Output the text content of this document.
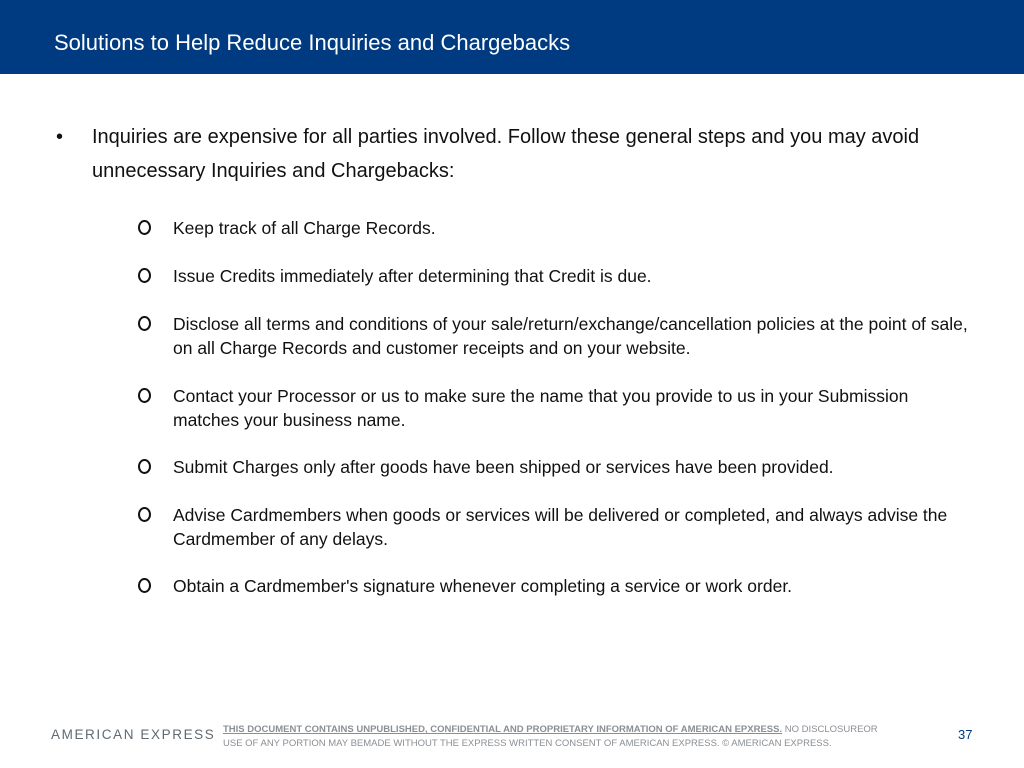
Solutions to Help Reduce Inquiries and Chargebacks
• Inquiries are expensive for all parties involved. Follow these general steps and you may avoid unnecessary Inquiries and Chargebacks:
Keep track of all Charge Records.
Issue Credits immediately after determining that Credit is due.
Disclose all terms and conditions of your sale/return/exchange/cancellation policies at the point of sale, on all Charge Records and customer receipts and on your website.
Contact your Processor or us to make sure the name that you provide to us in your Submission matches your business name.
Submit Charges only after goods have been shipped or services have been provided.
Advise Cardmembers when goods or services will be delivered or completed, and always advise the Cardmember of any delays.
Obtain a Cardmember's signature whenever completing a service or work order.
AMERICAN EXPRESS THIS DOCUMENT CONTAINS UNPUBLISHED, CONFIDENTIAL AND PROPRIETARY INFORMATION OF AMERICAN EPXRESS. NO DISCLOSUREOR
USE OF ANY PORTION MAY BEMADE WITHOUT THE EXPRESS WRITTEN CONSENT OF AMERICAN EXPRESS. © AMERICAN EXPRESS.
37
